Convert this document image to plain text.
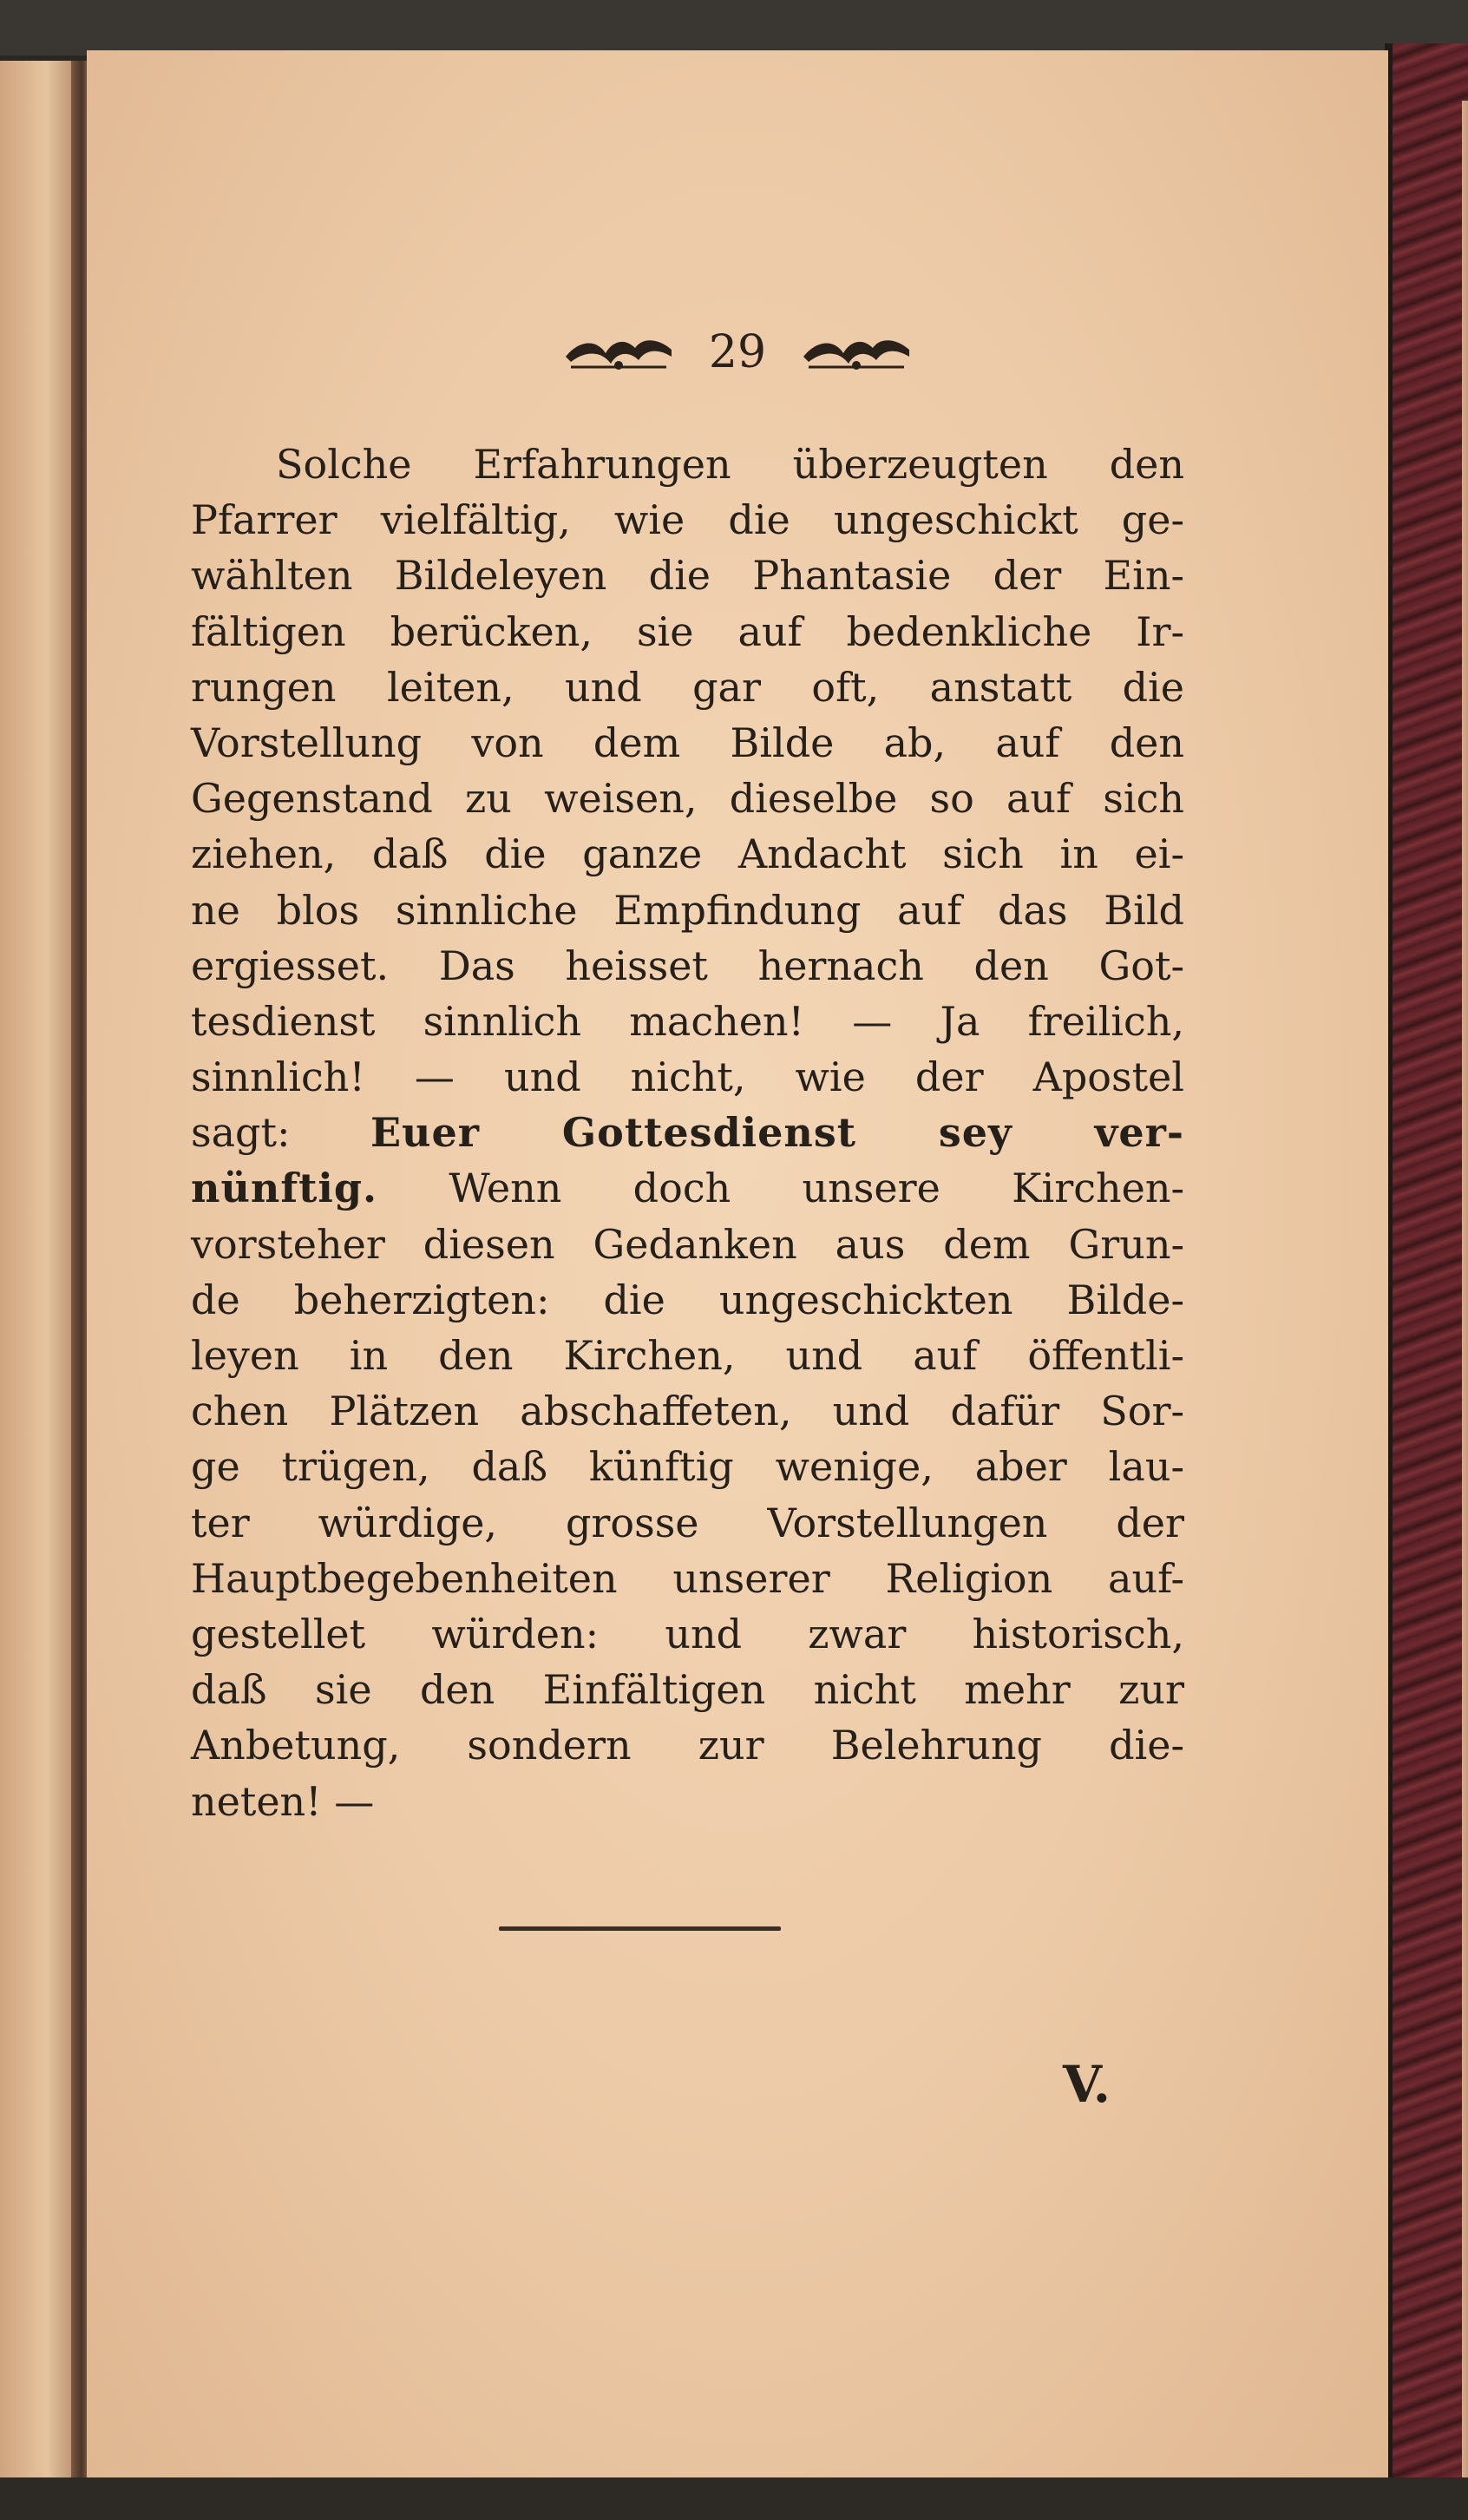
29
Solche Erfahrungen überzeugten den
Pfarrer vielfältig, wie die ungeschickt ge-
wählten Bildeleyen die Phantasie der Ein-
fältigen berücken, sie auf bedenkliche Ir-
rungen leiten, und gar oft, anstatt die
Vorstellung von dem Bilde ab, auf den
Gegenstand zu weisen, dieselbe so auf sich
ziehen, daß die ganze Andacht sich in ei-
ne blos sinnliche Empfindung auf das Bild
ergiesset. Das heisset hernach den Got-
tesdienst sinnlich machen! — Ja freilich,
sinnlich! — und nicht, wie der Apostel
sagt: Euer Gottesdienst sey ver-
nünftig. Wenn doch unsere Kirchen-
vorsteher diesen Gedanken aus dem Grun-
de beherzigten: die ungeschickten Bilde-
leyen in den Kirchen, und auf öffentli-
chen Plätzen abschaffeten, und dafür Sor-
ge trügen, daß künftig wenige, aber lau-
ter würdige, grosse Vorstellungen der
Hauptbegebenheiten unserer Religion auf-
gestellet würden: und zwar historisch,
daß sie den Einfältigen nicht mehr zur
Anbetung, sondern zur Belehrung die-
neten! —
V.
